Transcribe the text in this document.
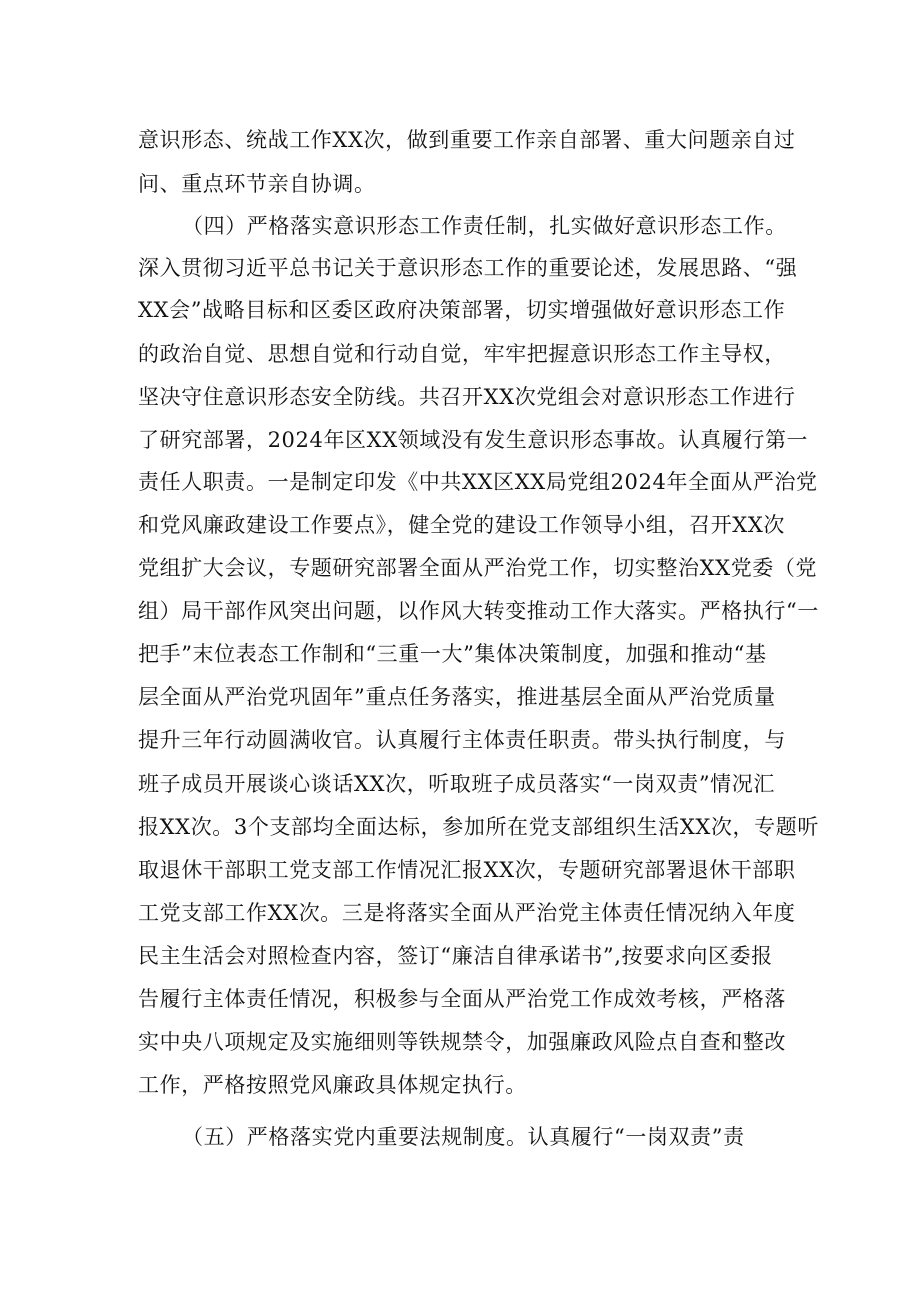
意识形态、统战工作XX次，做到重要工作亲自部署、重大问题亲自过
问、重点环节亲自协调。
（四）严格落实意识形态工作责任制，扎实做好意识形态工作。
深入贯彻习近平总书记关于意识形态工作的重要论述，发展思路、“强
XX会”战略目标和区委区政府决策部署，切实增强做好意识形态工作
的政治自觉、思想自觉和行动自觉，牢牢把握意识形态工作主导权，
坚决守住意识形态安全防线。共召开XX次党组会对意识形态工作进行
了研究部署，2024年区XX领域没有发生意识形态事故。认真履行第一
责任人职责。一是制定印发《中共XX区XX局党组2024年全面从严治党
和党风廉政建设工作要点》，健全党的建设工作领导小组，召开XX次
党组扩大会议，专题研究部署全面从严治党工作，切实整治XX党委（党
组）局干部作风突出问题，以作风大转变推动工作大落实。严格执行“一
把手”末位表态工作制和“三重一大”集体决策制度，加强和推动“基
层全面从严治党巩固年”重点任务落实，推进基层全面从严治党质量
提升三年行动圆满收官。认真履行主体责任职责。带头执行制度，与
班子成员开展谈心谈话XX次，听取班子成员落实“一岗双责”情况汇
报XX次。3个支部均全面达标，参加所在党支部组织生活XX次，专题听
取退休干部职工党支部工作情况汇报XX次，专题研究部署退休干部职
工党支部工作XX次。三是将落实全面从严治党主体责任情况纳入年度
民主生活会对照检查内容，签订“廉洁自律承诺书”,按要求向区委报
告履行主体责任情况，积极参与全面从严治党工作成效考核，严格落
实中央八项规定及实施细则等铁规禁令，加强廉政风险点自查和整改
工作，严格按照党风廉政具体规定执行。
（五）严格落实党内重要法规制度。认真履行“一岗双责”责
